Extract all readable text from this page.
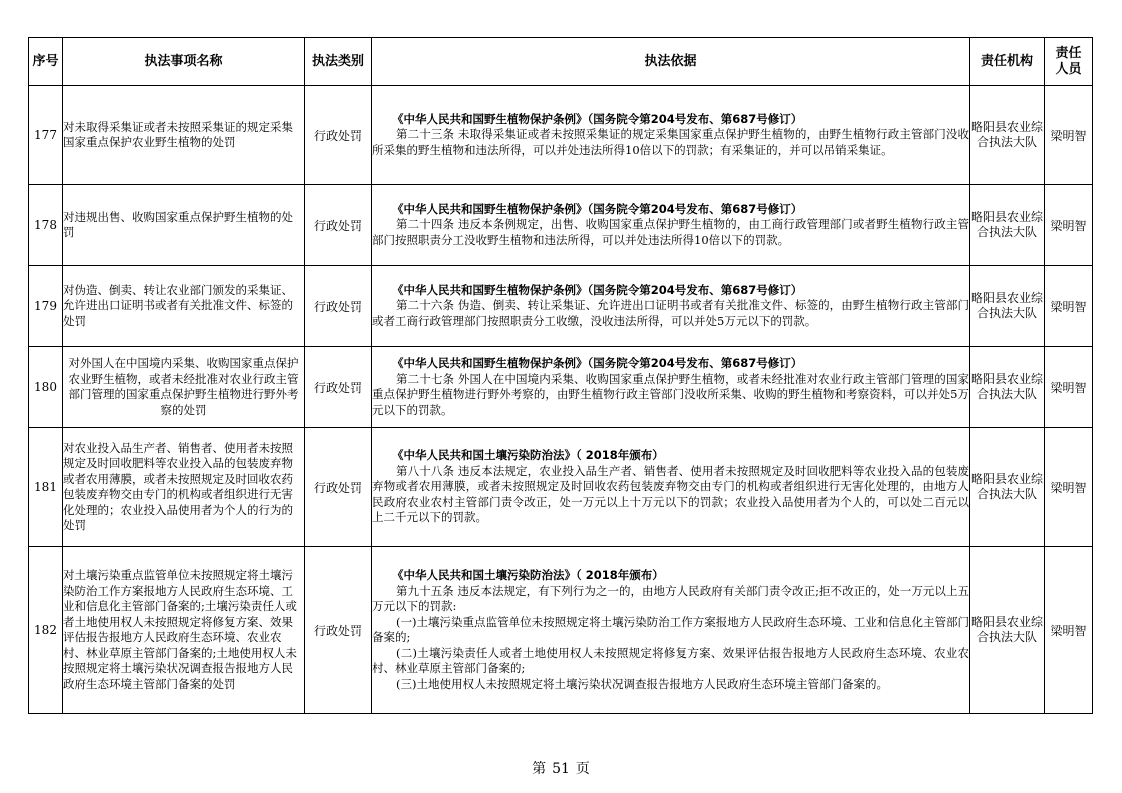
序号	执法事项名称	执法类别	执法依据	责任机构	责任
人员

177	对未取得采集证或者未按照采集证的规定采集国家重点保护农业野生植物的处罚	行政处罚	《中华人民共和国野生植物保护条例》（国务院令第204号发布、第687号修订）
第二十三条 未取得采集证或者未按照采集证的规定采集国家重点保护野生植物的，由野生植物行政主管部门没收所采集的野生植物和违法所得，可以并处违法所得10倍以下的罚款；有采集证的，并可以吊销采集证。	略阳县农业综合执法大队	梁明智
178	对违规出售、收购国家重点保护野生植物的处罚	行政处罚	《中华人民共和国野生植物保护条例》（国务院令第204号发布、第687号修订）
第二十四条 违反本条例规定，出售、收购国家重点保护野生植物的，由工商行政管理部门或者野生植物行政主管部门按照职责分工没收野生植物和违法所得，可以并处违法所得10倍以下的罚款。	略阳县农业综合执法大队	梁明智
179	对伪造、倒卖、转让农业部门颁发的采集证、允许进出口证明书或者有关批准文件、标签的处罚	行政处罚	《中华人民共和国野生植物保护条例》（国务院令第204号发布、第687号修订）
第二十六条 伪造、倒卖、转让采集证、允许进出口证明书或者有关批准文件、标签的，由野生植物行政主管部门或者工商行政管理部门按照职责分工收缴，没收违法所得，可以并处5万元以下的罚款。	略阳县农业综合执法大队	梁明智
180	对外国人在中国境内采集、收购国家重点保护农业野生植物，或者未经批准对农业行政主管部门管理的国家重点保护野生植物进行野外考察的处罚	行政处罚	《中华人民共和国野生植物保护条例》（国务院令第204号发布、第687号修订）
第二十七条 外国人在中国境内采集、收购国家重点保护野生植物，或者未经批准对农业行政主管部门管理的国家重点保护野生植物进行野外考察的，由野生植物行政主管部门没收所采集、收购的野生植物和考察资料，可以并处5万元以下的罚款。	略阳县农业综合执法大队	梁明智
181	对农业投入品生产者、销售者、使用者未按照规定及时回收肥料等农业投入品的包装废弃物或者农用薄膜，或者未按照规定及时回收农药包装废弃物交由专门的机构或者组织进行无害化处理的；农业投入品使用者为个人的行为的处罚	行政处罚	《中华人民共和国土壤污染防治法》（ 2018年颁布）
第八十八条 违反本法规定，农业投入品生产者、销售者、使用者未按照规定及时回收肥料等农业投入品的包装废弃物或者农用薄膜，或者未按照规定及时回收农药包装废弃物交由专门的机构或者组织进行无害化处理的，由地方人民政府农业农村主管部门责令改正，处一万元以上十万元以下的罚款；农业投入品使用者为个人的，可以处二百元以上二千元以下的罚款。	略阳县农业综合执法大队	梁明智
182	对土壤污染重点监管单位未按照规定将土壤污染防治工作方案报地方人民政府生态环境、工业和信息化主管部门备案的;土壤污染责任人或者土地使用权人未按照规定将修复方案、效果评估报告报地方人民政府生态环境、农业农村、林业草原主管部门备案的;土地使用权人未按照规定将土壤污染状况调查报告报地方人民政府生态环境主管部门备案的处罚	行政处罚	《中华人民共和国土壤污染防治法》（ 2018年颁布）
第九十五条 违反本法规定，有下列行为之一的，由地方人民政府有关部门责令改正;拒不改正的，处一万元以上五万元以下的罚款:
(一)土壤污染重点监管单位未按照规定将土壤污染防治工作方案报地方人民政府生态环境、工业和信息化主管部门备案的;
(二)土壤污染责任人或者土地使用权人未按照规定将修复方案、效果评估报告报地方人民政府生态环境、农业农村、林业草原主管部门备案的;
(三)土地使用权人未按照规定将土壤污染状况调查报告报地方人民政府生态环境主管部门备案的。	略阳县农业综合执法大队	梁明智
第 51 页
